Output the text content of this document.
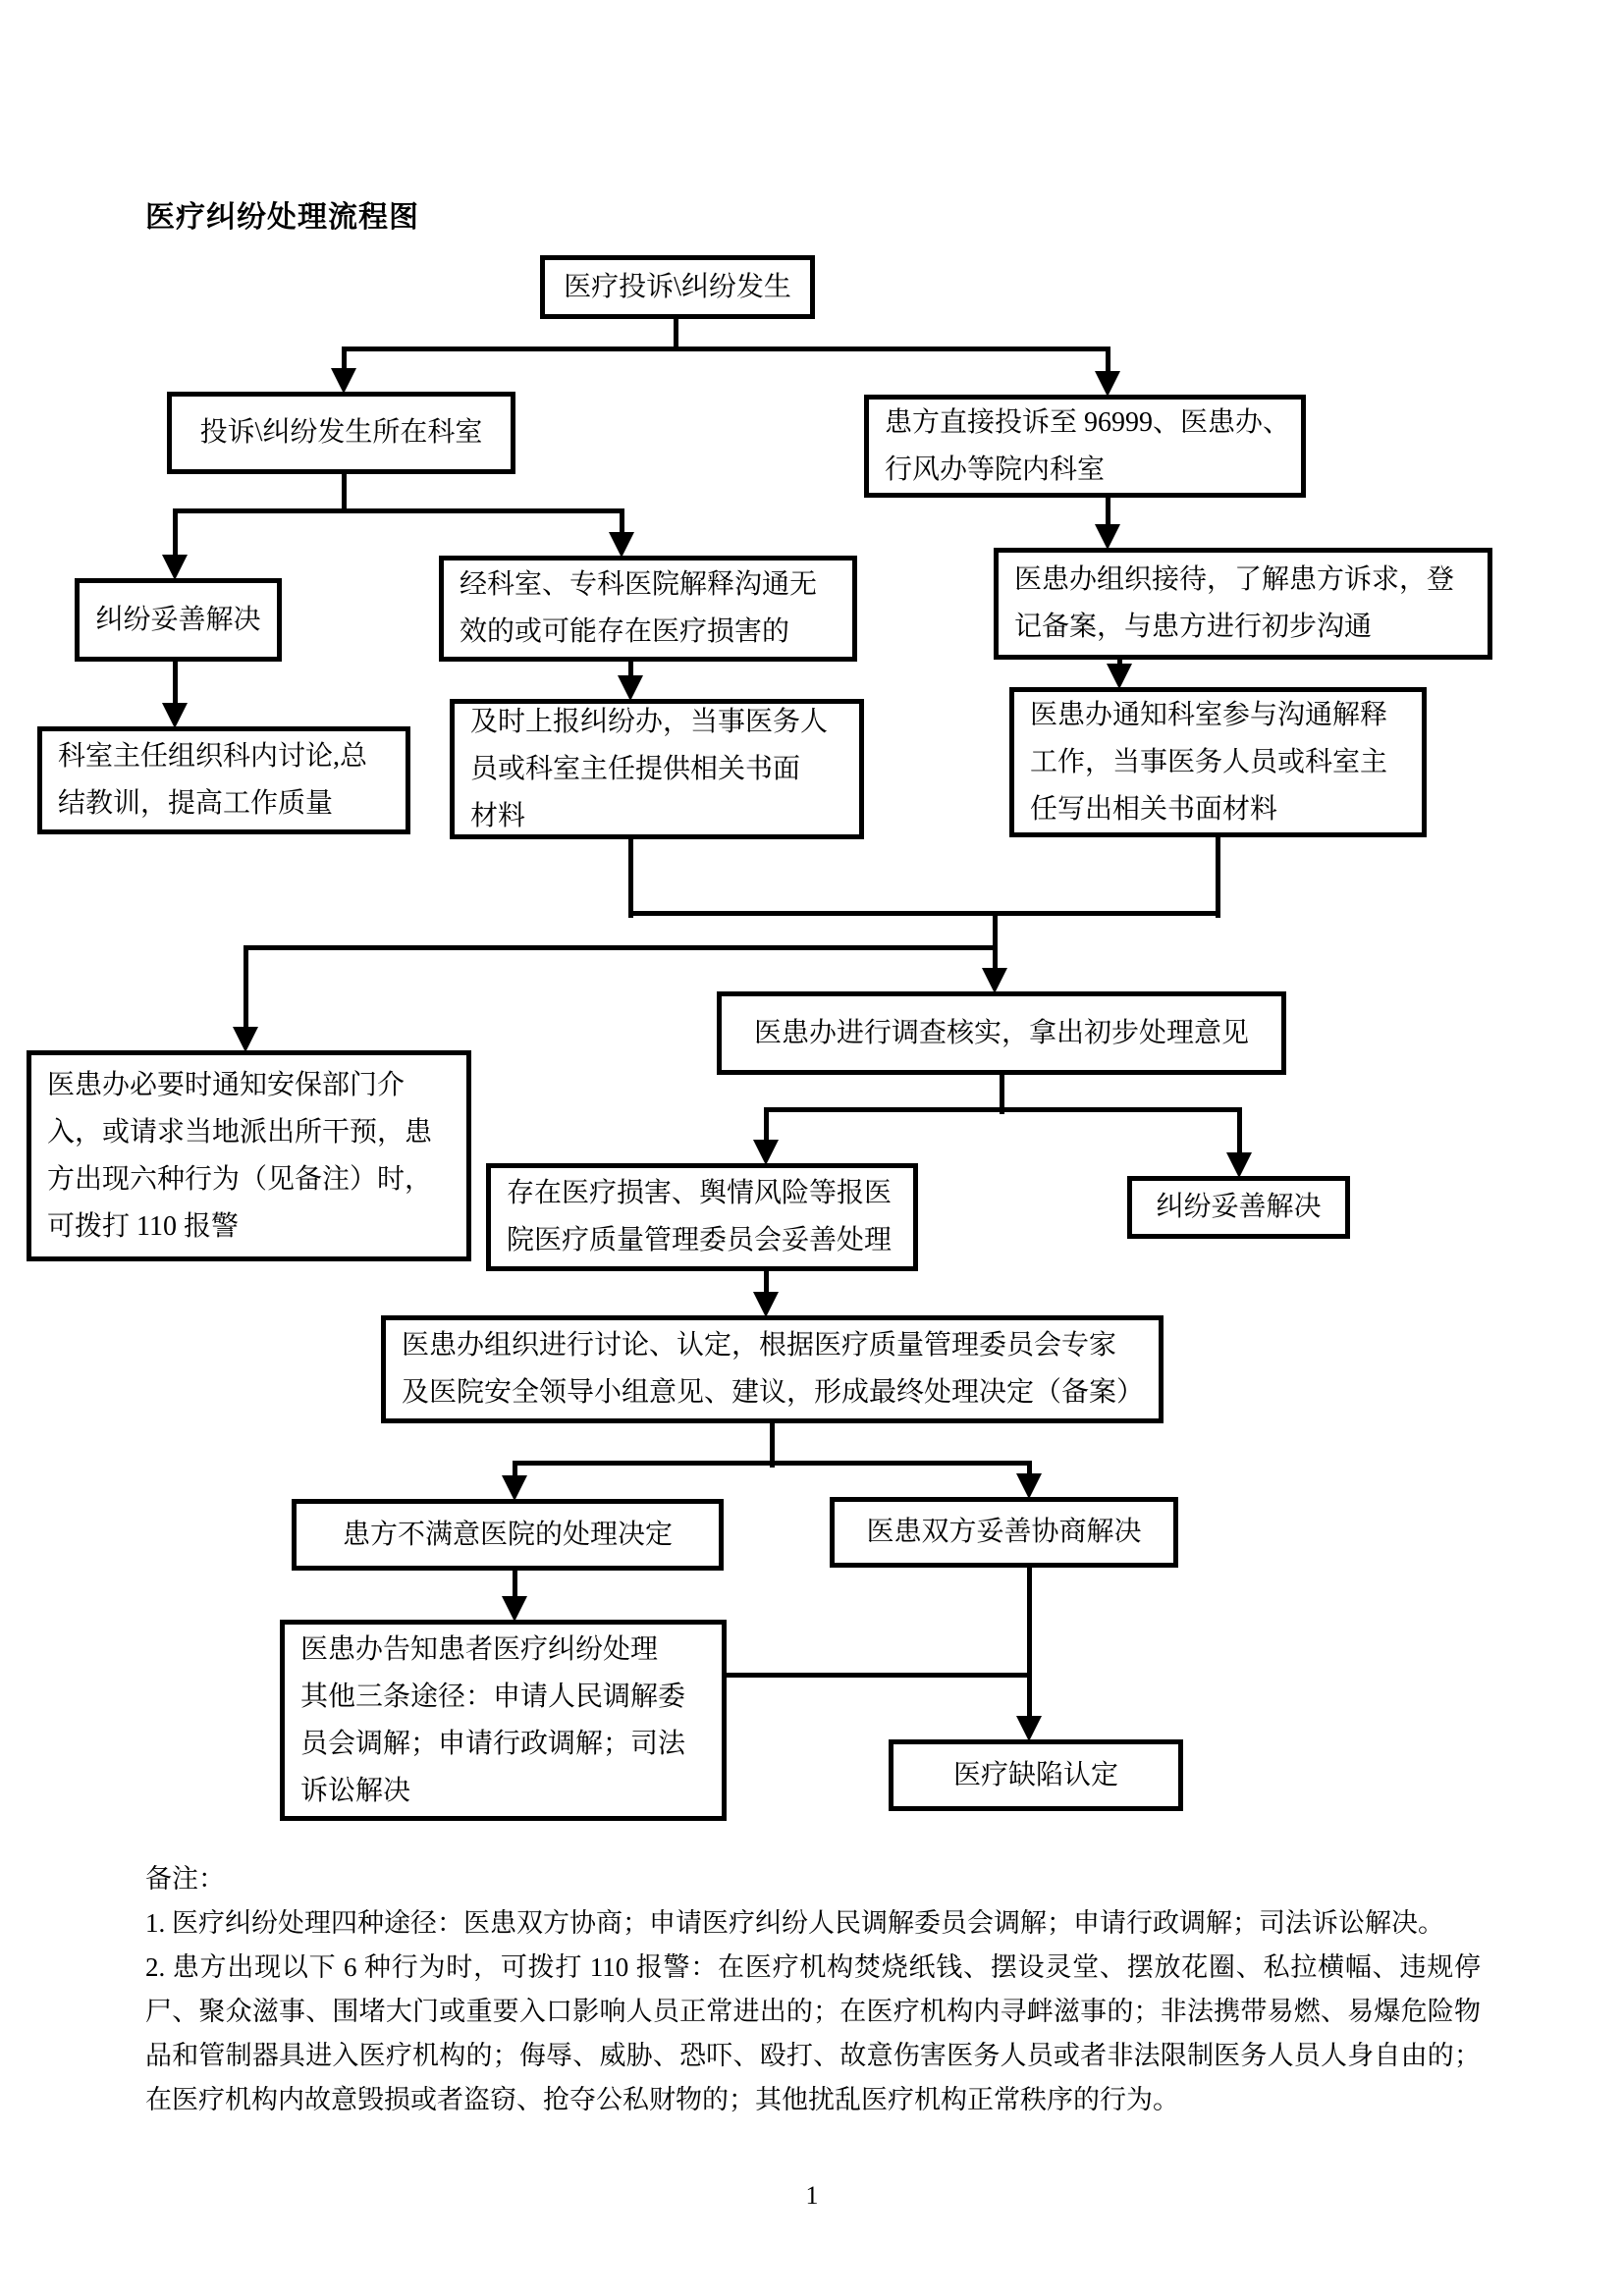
医疗纠纷处理流程图
医疗投诉\纠纷发生
投诉\纠纷发生所在科室	患方直接投诉至 96999、医患办、
行风办等院内科室
纠纷妥善解决
经科室、专科医院解释沟通无
效的或可能存在医疗损害的
医患办组织接待，了解患方诉求，登
记备案，与患方进行初步沟通
科室主任组织科内讨论,总
结教训，提高工作质量
及时上报纠纷办，当事医务人
员或科室主任提供相关书面
材料
医患办通知科室参与沟通解释
工作，当事医务人员或科室主
任写出相关书面材料
医患办进行调查核实，拿出初步处理意见
医患办必要时通知安保部门介
入，或请求当地派出所干预，患
方出现六种行为（见备注）时，
可拨打 110 报警
存在医疗损害、舆情风险等报医
院医疗质量管理委员会妥善处理
纠纷妥善解决
医患办组织进行讨论、认定，根据医疗质量管理委员会专家
及医院安全领导小组意见、建议，形成最终处理决定（备案）
患方不满意医院的处理决定	医患双方妥善协商解决
医患办告知患者医疗纠纷处理
其他三条途径：申请人民调解委
员会调解；申请行政调解；司法
诉讼解决
医疗缺陷认定
备注：
1. 医疗纠纷处理四种途径：医患双方协商；申请医疗纠纷人民调解委员会调解；申请行政调解；司法诉讼解决。
2. 患方出现以下 6 种行为时，可拨打 110 报警：在医疗机构焚烧纸钱、摆设灵堂、摆放花圈、私拉横幅、违规停尸、聚众滋事、围堵大门或重要入口影响人员正常进出的；在医疗机构内寻衅滋事的；非法携带易燃、易爆危险物品和管制器具进入医疗机构的；侮辱、威胁、恐吓、殴打、故意伤害医务人员或者非法限制医务人员人身自由的；在医疗机构内故意毁损或者盗窃、抢夺公私财物的；其他扰乱医疗机构正常秩序的行为。
1
